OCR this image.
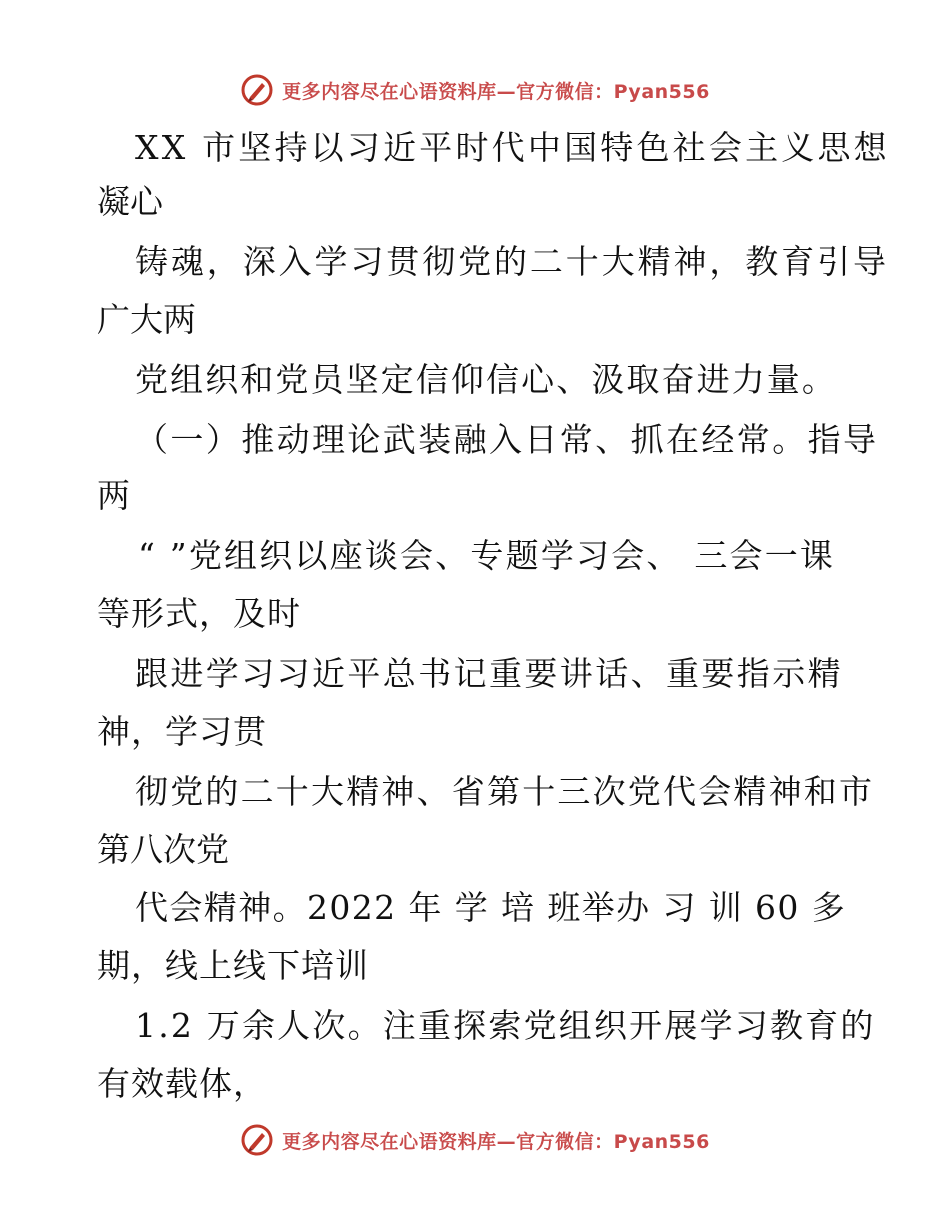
更多内容尽在心语资料库—官方微信：Pyan556
XX 市坚持以习近平时代中国特色社会主义思想
凝心
铸魂，深入学习贯彻党的二十大精神，教育引导
广大两
党组织和党员坚定信仰信心、汲取奋进力量。
（一）推动理论武装融入日常、抓在经常。指导
两
“ ”党组织以座谈会、专题学习会、 三会一课
等形式，及时
跟进学习习近平总书记重要讲话、重要指示精
神，学习贯
彻党的二十大精神、省第十三次党代会精神和市
第八次党
代会精神。2022 年 学 培 班举办 习 训 60 多
期，线上线下培训
1.2 万余人次。注重探索党组织开展学习教育的
有效载体，
更多内容尽在心语资料库—官方微信：Pyan556
